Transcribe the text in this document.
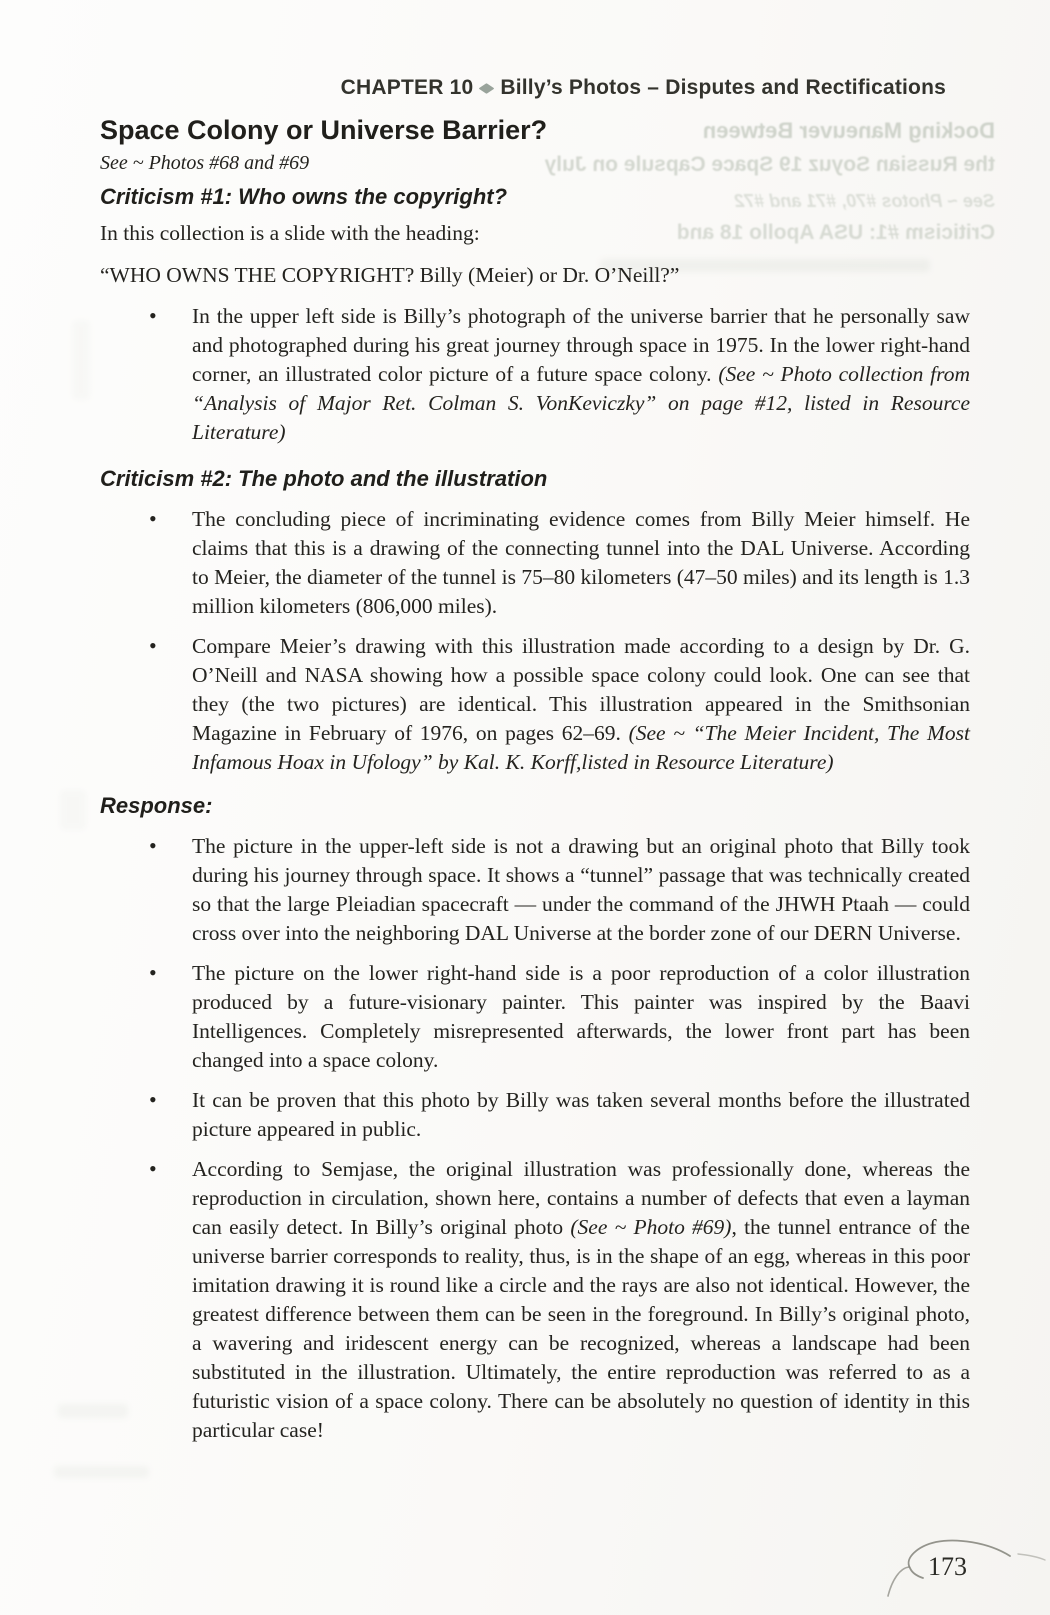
Docking Maneuver Between
the Russian Soyuz 19 Space Capsule on July
See ~ Photos #70, #71 and #72
Criticism #1: USA Apollo 18 and
CHAPTER 10 Billy’s Photos – Disputes and Rectifications
Space Colony or Universe Barrier?
See ~ Photos #68 and #69
Criticism #1: Who owns the copyright?

In this collection is a slide with the heading:

“WHO OWNS THE COPYRIGHT? Billy (Meier) or Dr. O’Neill?”

• In the upper left side is Billy’s photograph of the universe barrier that he personally saw and photographed during his great journey through space in 1975. In the lower right-hand corner, an illustrated color picture of a future space colony. (See ~ Photo collection from “Analysis of Major Ret. Colman S. VonKeviczky” on page #12, listed in Resource Literature)
Criticism #2: The photo and the illustration
• The concluding piece of incriminating evidence comes from Billy Meier himself. He claims that this is a drawing of the connecting tunnel into the DAL Universe. According to Meier, the diameter of the tunnel is 75–80 kilometers (47–50 miles) and its length is 1.3 million kilometers (806,000 miles).
• Compare Meier’s drawing with this illustration made according to a design by Dr. G. O’Neill and NASA showing how a possible space colony could look. One can see that they (the two pictures) are identical. This illustration appeared in the Smithsonian Magazine in February of 1976, on pages 62–69. (See ~ “The Meier Incident, The Most Infamous Hoax in Ufology” by Kal. K. Korff,listed in Resource Literature)
Response:
• The picture in the upper-left side is not a drawing but an original photo that Billy took during his journey through space. It shows a “tunnel” passage that was technically created so that the large Pleiadian spacecraft — under the command of the JHWH Ptaah — could cross over into the neighboring DAL Universe at the border zone of our DERN Universe.
• The picture on the lower right-hand side is a poor reproduction of a color illustration produced by a future-visionary painter. This painter was inspired by the Baavi Intelligences. Completely misrepresented afterwards, the lower front part has been changed into a space colony.
• It can be proven that this photo by Billy was taken several months before the illustrated picture appeared in public.
• According to Semjase, the original illustration was professionally done, whereas the reproduction in circulation, shown here, contains a number of defects that even a layman can easily detect. In Billy’s original photo (See ~ Photo #69), the tunnel entrance of the universe barrier corresponds to reality, thus, is in the shape of an egg, whereas in this poor imitation drawing it is round like a circle and the rays are also not identical. However, the greatest difference between them can be seen in the foreground. In Billy’s original photo, a wavering and iridescent energy can be recognized, whereas a landscape had been substituted in the illustration. Ultimately, the entire reproduction was referred to as a futuristic vision of a space colony. There can be absolutely no question of identity in this particular case!
173
